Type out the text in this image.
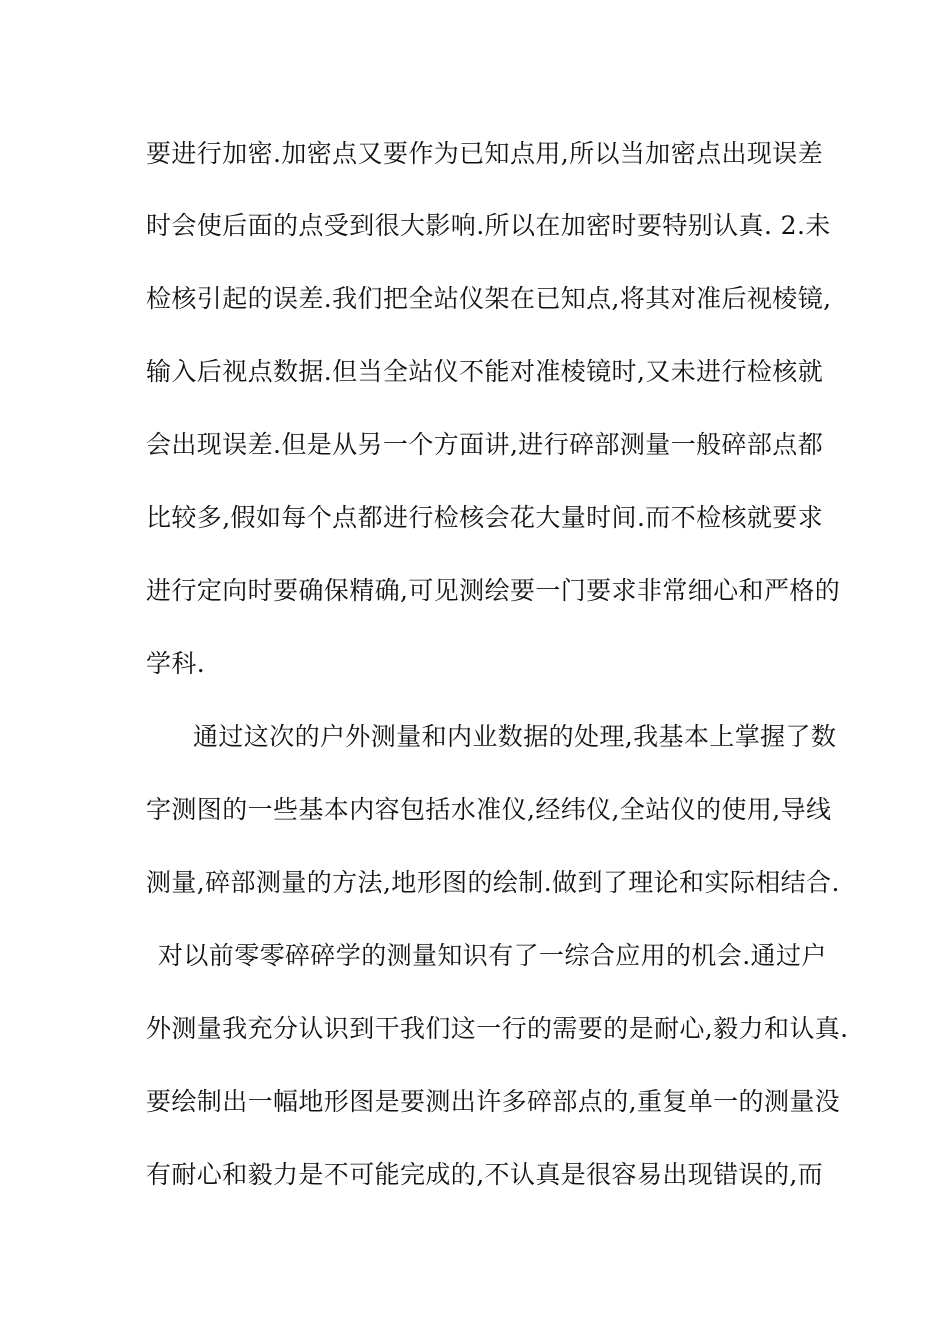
要进行加密.加密点又要作为已知点用,所以当加密点出现误差
时会使后面的点受到很大影响.所以在加密时要特别认真. 2.未
检核引起的误差.我们把全站仪架在已知点,将其对准后视棱镜,
输入后视点数据.但当全站仪不能对准棱镜时,又未进行检核就
会出现误差.但是从另一个方面讲,进行碎部测量一般碎部点都
比较多,假如每个点都进行检核会花大量时间.而不检核就要求
进行定向时要确保精确,可见测绘要一门要求非常细心和严格的
学科.
通过这次的户外测量和内业数据的处理,我基本上掌握了数
字测图的一些基本内容包括水准仪,经纬仪,全站仪的使用,导线
测量,碎部测量的方法,地形图的绘制.做到了理论和实际相结合.
对以前零零碎碎学的测量知识有了一综合应用的机会.通过户
外测量我充分认识到干我们这一行的需要的是耐心,毅力和认真.
要绘制出一幅地形图是要测出许多碎部点的,重复单一的测量没
有耐心和毅力是不可能完成的,不认真是很容易出现错误的,而
